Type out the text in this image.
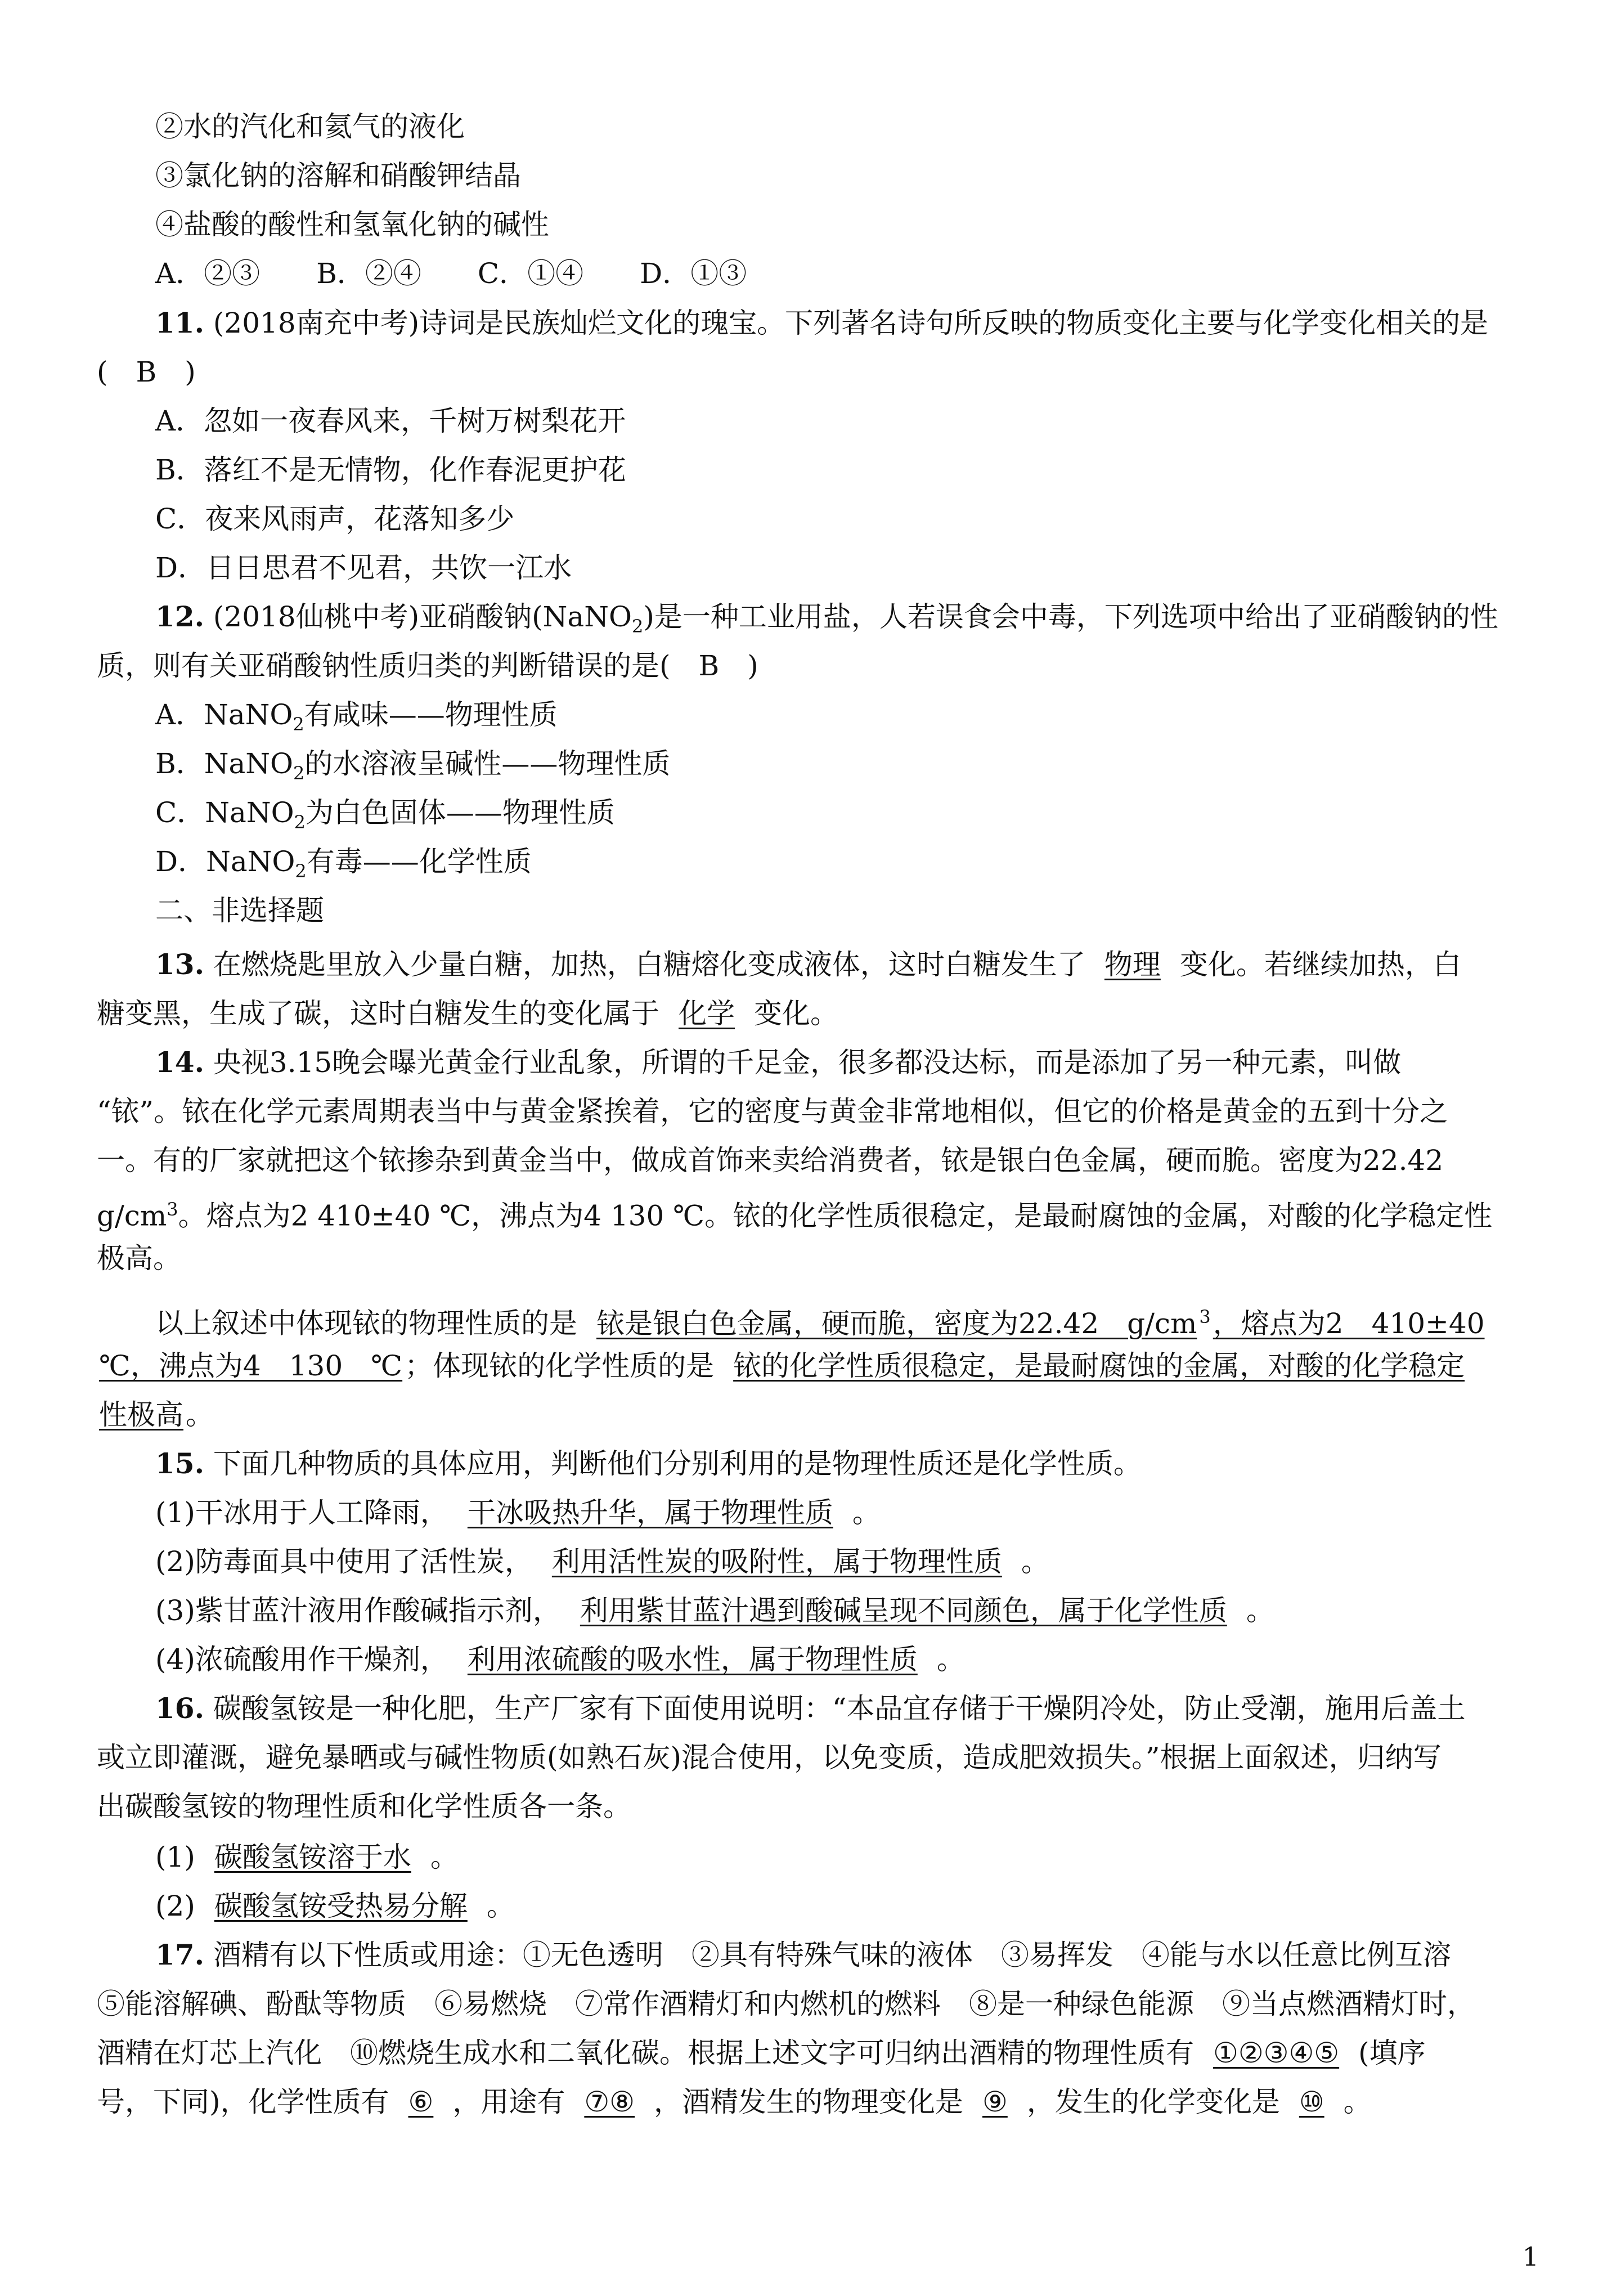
②水的汽化和氦气的液化
③氯化钠的溶解和硝酸钾结晶
④盐酸的酸性和氢氧化钠的碱性
A．②③　　B．②④　　C．①④　　D．①③
11. (2018南充中考)诗词是民族灿烂文化的瑰宝。下列著名诗句所反映的物质变化主要与化学变化相关的是
(　B　)
A．忽如一夜春风来，千树万树梨花开
B．落红不是无情物，化作春泥更护花
C．夜来风雨声，花落知多少
D．日日思君不见君，共饮一江水
12. (2018仙桃中考)亚硝酸钠(NaNO$_2$)是一种工业用盐，人若误食会中毒，下列选项中给出了亚硝酸钠的性
质，则有关亚硝酸钠性质归类的判断错误的是(　B　)
A．NaNO$_2$有咸味——物理性质
B．NaNO$_2$的水溶液呈碱性——物理性质
C．NaNO$_2$为白色固体——物理性质
D．NaNO$_2$有毒——化学性质
二、非选择题
13. 在燃烧匙里放入少量白糖，加热，白糖熔化变成液体，这时白糖发生了 物理 变化。若继续加热，白
糖变黑，生成了碳，这时白糖发生的变化属于 化学 变化。
14. 央视3.15晚会曝光黄金行业乱象，所谓的千足金，很多都没达标，而是添加了另一种元素，叫做
“铱”。铱在化学元素周期表当中与黄金紧挨着，它的密度与黄金非常地相似，但它的价格是黄金的五到十分之
一。有的厂家就把这个铱掺杂到黄金当中，做成首饰来卖给消费者，铱是银白色金属，硬而脆。密度为22.42
$g/cm^3$。熔点为2 410±40 ℃，沸点为4 130 ℃。铱的化学性质很稳定，是最耐腐蚀的金属，对酸的化学稳定性
极高。
以上叙述中体现铱的物理性质的是 铱是银白色金属，硬而脆，密度为22.42　g/cm $^3$，熔点为2　410±40
℃，沸点为4　130　℃；体现铱的化学性质的是 铱的化学性质很稳定，是最耐腐蚀的金属，对酸的化学稳定
性极高。
15. 下面几种物质的具体应用，判断他们分别利用的是物理性质还是化学性质。
(1)干冰用于人工降雨， 干冰吸热升华，属于物理性质 。
(2)防毒面具中使用了活性炭， 利用活性炭的吸附性，属于物理性质 。
(3)紫甘蓝汁液用作酸碱指示剂， 利用紫甘蓝汁遇到酸碱呈现不同颜色，属于化学性质 。
(4)浓硫酸用作干燥剂， 利用浓硫酸的吸水性，属于物理性质 。
16. 碳酸氢铵是一种化肥，生产厂家有下面使用说明：“本品宜存储于干燥阴冷处，防止受潮，施用后盖土
或立即灌溉，避免暴晒或与碱性物质(如熟石灰)混合使用，以免变质，造成肥效损失。”根据上面叙述，归纳写
出碳酸氢铵的物理性质和化学性质各一条。
(1) 碳酸氢铵溶于水 。
(2) 碳酸氢铵受热易分解 。
17. 酒精有以下性质或用途：①无色透明　②具有特殊气味的液体　③易挥发　④能与水以任意比例互溶
⑤能溶解碘、酚酞等物质　⑥易燃烧　⑦常作酒精灯和内燃机的燃料　⑧是一种绿色能源　⑨当点燃酒精灯时，
酒精在灯芯上汽化　⑩燃烧生成水和二氧化碳。根据上述文字可归纳出酒精的物理性质有 ①②③④⑤ (填序
号，下同)，化学性质有 ⑥ ，用途有 ⑦⑧ ，酒精发生的物理变化是 ⑨ ，发生的化学变化是 ⑩ 。
1
